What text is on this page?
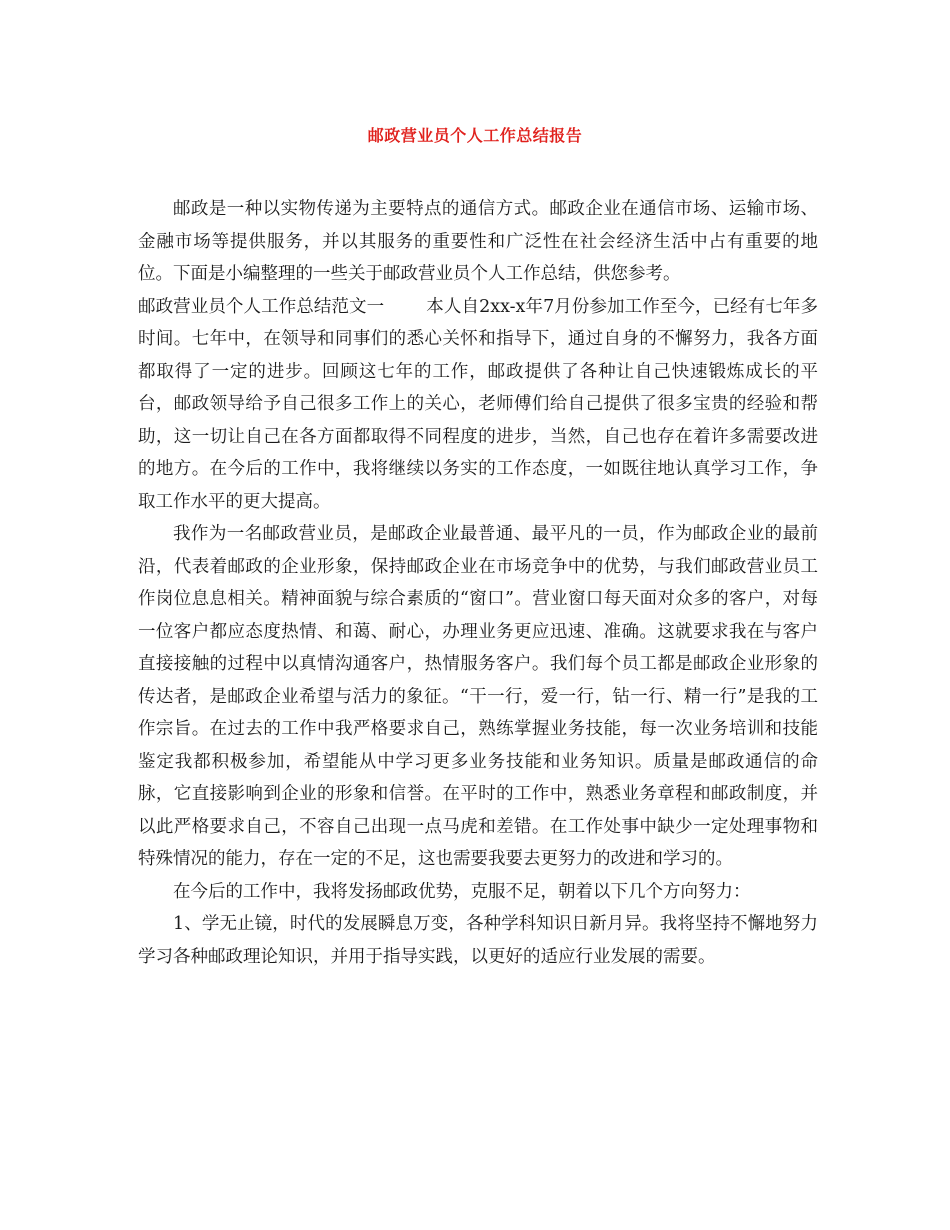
邮政营业员个人工作总结报告

邮政是一种以实物传递为主要特点的通信方式。邮政企业在通信市场、运输市场、金融市场等提供服务，并以其服务的重要性和广泛性在社会经济生活中占有重要的地位。下面是小编整理的一些关于邮政营业员个人工作总结，供您参考。

邮政营业员个人工作总结范文一 本人自2xx-x年7月份参加工作至今，已经有七年多时间。七年中，在领导和同事们的悉心关怀和指导下，通过自身的不懈努力，我各方面都取得了一定的进步。回顾这七年的工作，邮政提供了各种让自己快速锻炼成长的平台，邮政领导给予自己很多工作上的关心，老师傅们给自己提供了很多宝贵的经验和帮助，这一切让自己在各方面都取得不同程度的进步，当然，自己也存在着许多需要改进的地方。在今后的工作中，我将继续以务实的工作态度，一如既往地认真学习工作，争取工作水平的更大提高。

我作为一名邮政营业员，是邮政企业最普通、最平凡的一员，作为邮政企业的最前沿，代表着邮政的企业形象，保持邮政企业在市场竞争中的优势，与我们邮政营业员工作岗位息息相关。精神面貌与综合素质的“窗口”。营业窗口每天面对众多的客户，对每一位客户都应态度热情、和蔼、耐心，办理业务更应迅速、准确。这就要求我在与客户直接接触的过程中以真情沟通客户，热情服务客户。我们每个员工都是邮政企业形象的传达者，是邮政企业希望与活力的象征。“干一行，爱一行，钻一行、精一行”是我的工作宗旨。在过去的工作中我严格要求自己，熟练掌握业务技能，每一次业务培训和技能鉴定我都积极参加，希望能从中学习更多业务技能和业务知识。质量是邮政通信的命脉，它直接影响到企业的形象和信誉。在平时的工作中，熟悉业务章程和邮政制度，并以此严格要求自己，不容自己出现一点马虎和差错。在工作处事中缺少一定处理事物和特殊情况的能力，存在一定的不足，这也需要我要去更努力的改进和学习的。

在今后的工作中，我将发扬邮政优势，克服不足，朝着以下几个方向努力：

1、学无止镜，时代的发展瞬息万变，各种学科知识日新月异。我将坚持不懈地努力学习各种邮政理论知识，并用于指导实践，以更好的适应行业发展的需要。
